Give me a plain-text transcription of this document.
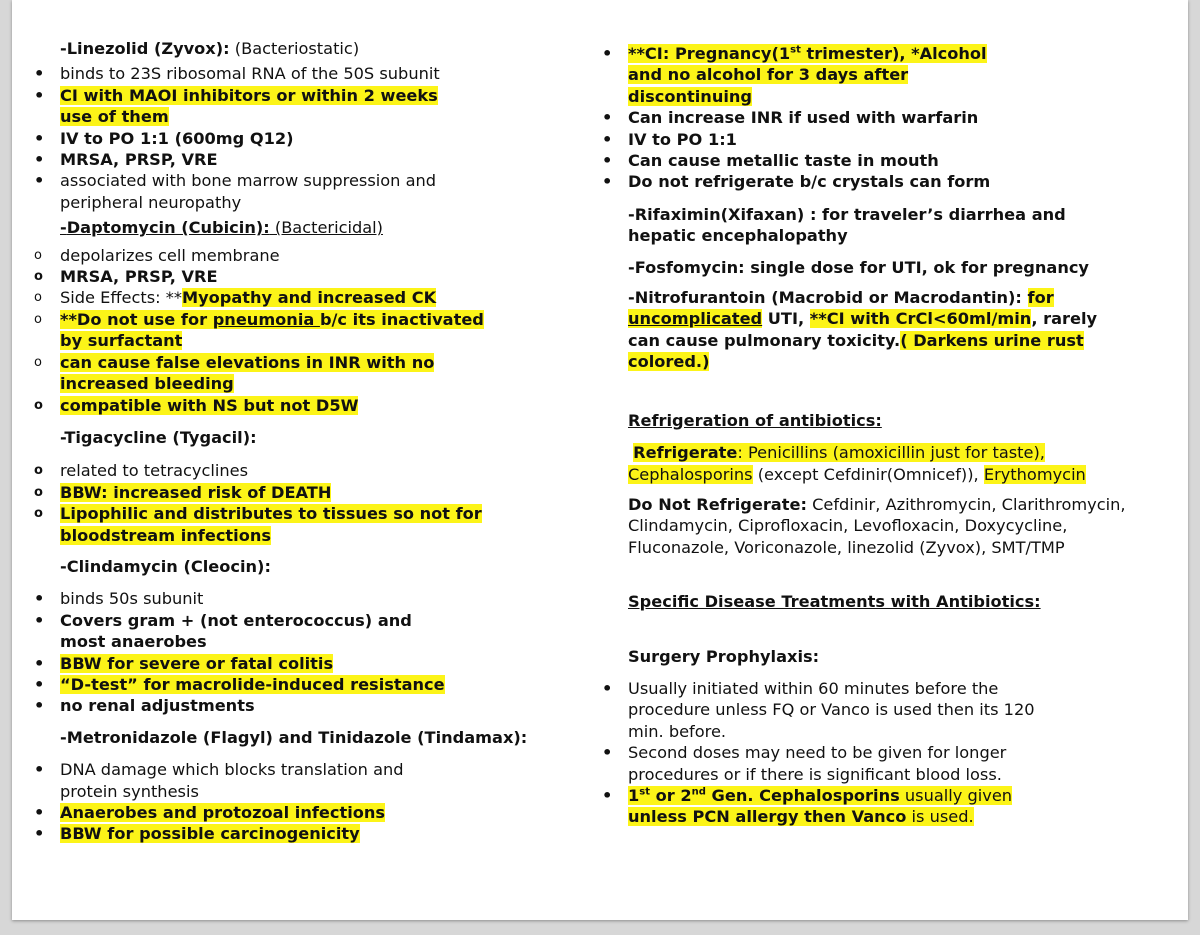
-Linezolid (Zyvox): (Bacteriostatic)

• binds to 23S ribosomal RNA of the 50S subunit
• CI with MAOI inhibitors or within 2 weeks
use of them
• IV to PO 1:1 (600mg Q12)
• MRSA, PRSP, VRE
• associated with bone marrow suppression and
peripheral neuropathy

-Daptomycin (Cubicin): (Bactericidal)

o depolarizes cell membrane
o MRSA, PRSP, VRE
o Side Effects: **Myopathy and increased CK
o **Do not use for pneumonia b/c its inactivated
by surfactant
o can cause false elevations in INR with no
increased bleeding
o compatible with NS but not D5W

-Tigacycline (Tygacil):

o related to tetracyclines
o BBW: increased risk of DEATH
o Lipophilic and distributes to tissues so not for
bloodstream infections

-Clindamycin (Cleocin):

• binds 50s subunit
• Covers gram + (not enterococcus) and
most anaerobes
• BBW for severe or fatal colitis
• “D-test” for macrolide-induced resistance
• no renal adjustments

-Metronidazole (Flagyl) and Tinidazole (Tindamax):

• DNA damage which blocks translation and
protein synthesis
• Anaerobes and protozoal infections
• BBW for possible carcinogenicity
• **CI: Pregnancy(1st trimester), *Alcohol
and no alcohol for 3 days after
discontinuing
• Can increase INR if used with warfarin
• IV to PO 1:1
• Can cause metallic taste in mouth
• Do not refrigerate b/c crystals can form

-Rifaximin(Xifaxan) : for traveler’s diarrhea and
hepatic encephalopathy

-Fosfomycin: single dose for UTI, ok for pregnancy

-Nitrofurantoin (Macrobid or Macrodantin): for
uncomplicated UTI, **CI with CrCl<60ml/min, rarely
can cause pulmonary toxicity.( Darkens urine rust
colored.)

Refrigeration of antibiotics:

Refrigerate: Penicillins (amoxicillin just for taste),
Cephalosporins (except Cefdinir(Omnicef)), Erythomycin

Do Not Refrigerate: Cefdinir, Azithromycin, Clarithromycin,
Clindamycin, Ciprofloxacin, Levofloxacin, Doxycycline,
Fluconazole, Voriconazole, linezolid (Zyvox), SMT/TMP

Specific Disease Treatments with Antibiotics:

Surgery Prophylaxis:

• Usually initiated within 60 minutes before the
procedure unless FQ or Vanco is used then its 120
min. before.
• Second doses may need to be given for longer
procedures or if there is significant blood loss.
• 1st or 2nd Gen. Cephalosporins usually given
unless PCN allergy then Vanco is used.
